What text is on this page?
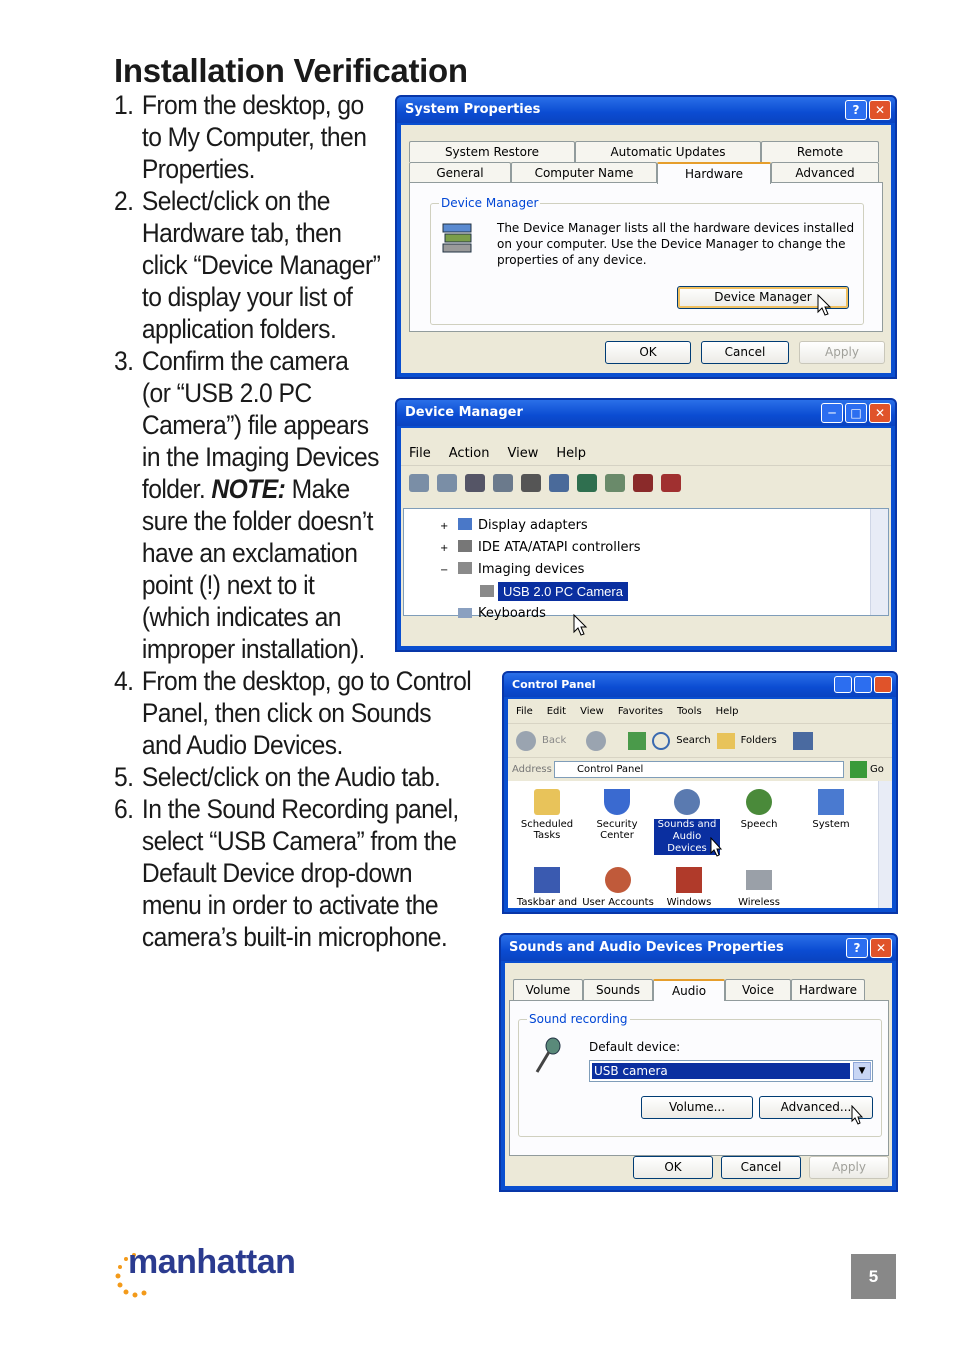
Installation Verification
1. From the desktop, go
to My Computer, then
Properties.
2. Select/click on the
Hardware tab, then
click “Device Manager”
to display your list of
application folders.
3. Confirm the camera
(or “USB 2.0 PC
Camera”) file appears
in the Imaging Devices
folder. NOTE: Make
sure the folder doesn’t
have an exclamation
point (!) next to it
(which indicates an
improper installation).
4. From the desktop, go to Control
Panel, then click on Sounds
and Audio Devices.
5. Select/click on the Audio tab.
6. In the Sound Recording panel,
select “USB Camera” from the
Default Device drop-down
menu in order to activate the
camera’s built-in microphone.
System Properties	?	✕
System Restore	Automatic Updates	Remote
General	Computer Name	Hardware	Advanced
Device Manager
The Device Manager lists all the hardware devices installed
on your computer. Use the Device Manager to change the
properties of any device.
Device Manager
OK	Cancel	Apply
Device Manager	─	□	✕
File Action View Help
+ Display adapters
+ IDE ATA/ATAPI controllers
− Imaging devices
USB 2.0 PC Camera
Keyboards
Control Panel
File Edit View Favorites Tools Help
Back	Search	Folders
Address	Control Panel	Go
Scheduled
Tasks
Security
Center
Sounds and
Audio Devices
Speech	System
Taskbar and User Accounts	Windows	Wireless
Sounds and Audio Devices Properties	?	✕
Volume	Sounds	Audio	Voice	Hardware
Sound recording
Default device:
USB camera	▼
Volume...	Advanced...
OK	Cancel	Apply
manhattan	5
